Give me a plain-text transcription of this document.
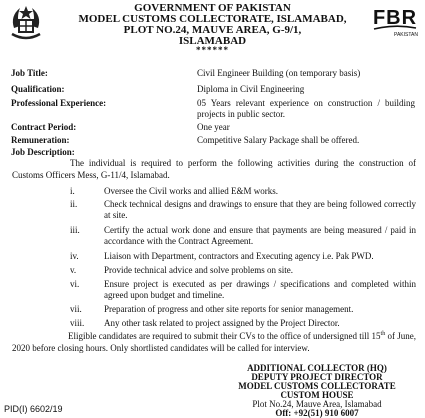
FBR
PAKISTAN
GOVERNMENT OF PAKISTAN
MODEL CUSTOMS COLLECTORATE, ISLAMABAD,
PLOT NO.24, MAUVE AREA, G-9/1,
ISLAMABAD
******
Job Title:	Civil Engineer Building (on temporary basis)
Qualification:	Diploma in Civil Engineering
Professional Experience:	05 Years relevant experience on construction / building projects in public sector.
Contract Period:	One year
Remuneration:	Competitive Salary Package shall be offered.
Job Description:
The individual is required to perform the following activities during the construction of Customs Officers Mess, G-11/4, Islamabad.
i.	Oversee the Civil works and allied E&M works.
ii.	Check technical designs and drawings to ensure that they are being followed correctly at site.
iii.	Certify the actual work done and ensure that payments are being measured / paid in accordance with the Contract Agreement.
iv.	Liaison with Department, contractors and Executing agency i.e. Pak PWD.
v.	Provide technical advice and solve problems on site.
vi.	Ensure project is executed as per drawings / specifications and completed within agreed upon budget and timeline.
vii.	Preparation of progress and other site reports for senior management.
viii.	Any other task related to project assigned by the Project Director.
Eligible candidates are required to submit their CVs to the office of undersigned till 15th of June, 2020 before closing hours. Only shortlisted candidates will be called for interview.
ADDITIONAL COLLECTOR (HQ)
DEPUTY PROJECT DIRECTOR
MODEL CUSTOMS COLLECTORATE
CUSTOM HOUSE
Plot No.24, Mauve Area, Islamabad
Off: +92(51) 910 6007
PID(I) 6602/19
